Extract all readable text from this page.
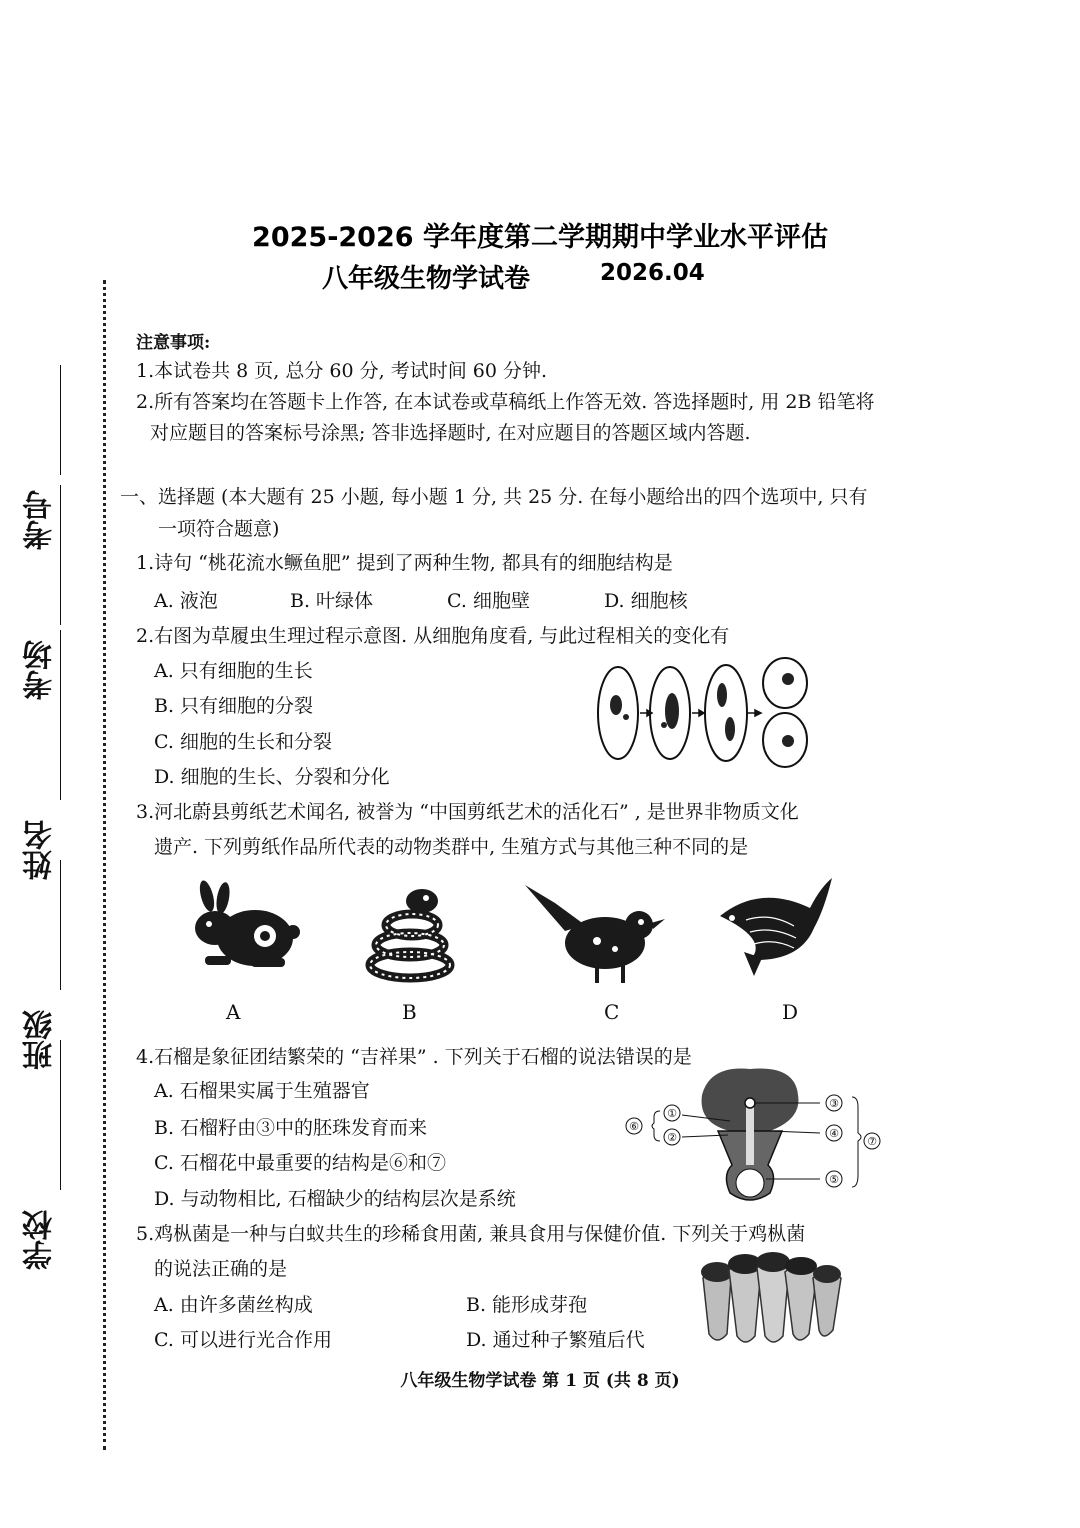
学校
班级
姓名
考场
考号
2025-2026 学年度第二学期期中学业水平评估
八年级生物学试卷	2026.04
注意事项:
1.本试卷共 8 页, 总分 60 分, 考试时间 60 分钟.
2.所有答案均在答题卡上作答, 在本试卷或草稿纸上作答无效. 答选择题时, 用 2B 铅笔将
对应题目的答案标号涂黑; 答非选择题时, 在对应题目的答题区域内答题.
一、选择题 (本大题有 25 小题, 每小题 1 分, 共 25 分. 在每小题给出的四个选项中, 只有
一项符合题意)
1.诗句 “桃花流水鳜鱼肥” 提到了两种生物, 都具有的细胞结构是
A. 液泡	B. 叶绿体	C. 细胞壁	D. 细胞核
2.右图为草履虫生理过程示意图. 从细胞角度看, 与此过程相关的变化有
A. 只有细胞的生长
B. 只有细胞的分裂
C. 细胞的生长和分裂
D. 细胞的生长、分裂和分化
3.河北蔚县剪纸艺术闻名, 被誉为 “中国剪纸艺术的活化石” , 是世界非物质文化
遗产. 下列剪纸作品所代表的动物类群中, 生殖方式与其他三种不同的是
A	B	C	D
4.石榴是象征团结繁荣的 “吉祥果” . 下列关于石榴的说法错误的是
A. 石榴果实属于生殖器官
B. 石榴籽由③中的胚珠发育而来
C. 石榴花中最重要的结构是⑥和⑦
D. 与动物相比, 石榴缺少的结构层次是系统
①
②
③
④
⑤
⑥
⑦
5.鸡枞菌是一种与白蚁共生的珍稀食用菌, 兼具食用与保健价值. 下列关于鸡枞菌
的说法正确的是
A. 由许多菌丝构成	B. 能形成芽孢
C. 可以进行光合作用	D. 通过种子繁殖后代
八年级生物学试卷 第 1 页 (共 8 页)
